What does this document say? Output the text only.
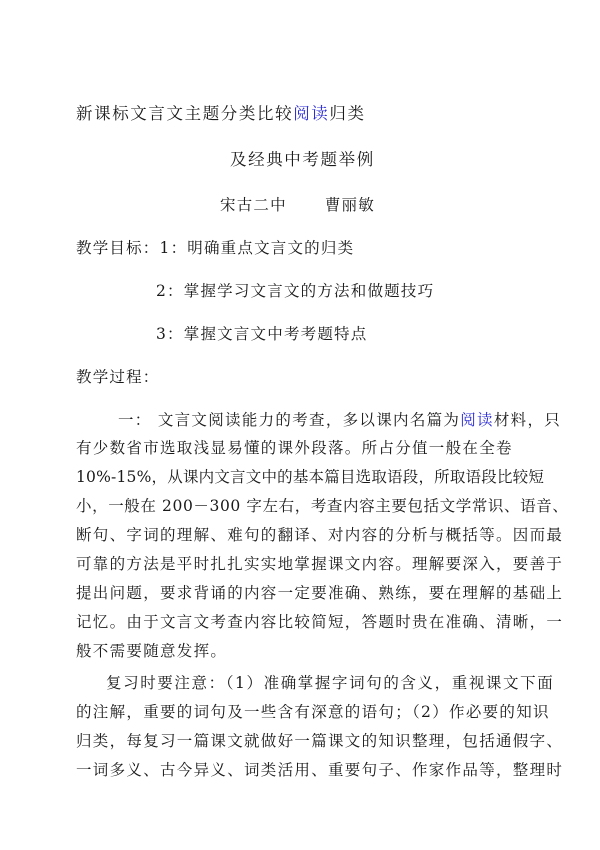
新课标文言文主题分类比较阅读归类
及经典中考题举例
宋古二中 曹丽敏
教学目标：1：明确重点文言文的归类
2：掌握学习文言文的方法和做题技巧
3：掌握文言文中考考题特点
教学过程：
一： 文言文阅读能力的考查，多以课内名篇为阅读材料，只
有少数省市选取浅显易懂的课外段落。所占分值一般在全卷
10%-15%，从课内文言文中的基本篇目选取语段，所取语段比较短
小，一般在 200－300 字左右，考查内容主要包括文学常识、语音、
断句、字词的理解、难句的翻译、对内容的分析与概括等。因而最
可靠的方法是平时扎扎实实地掌握课文内容。理解要深入，要善于
提出问题，要求背诵的内容一定要准确、熟练，要在理解的基础上
记忆。由于文言文考查内容比较简短，答题时贵在准确、清晰，一
般不需要随意发挥。
复习时要注意：（1）准确掌握字词句的含义，重视课文下面
的注解，重要的词句及一些含有深意的语句；（2）作必要的知识
归类，每复习一篇课文就做好一篇课文的知识整理，包括通假字、
一词多义、古今异义、词类活用、重要句子、作家作品等，整理时
